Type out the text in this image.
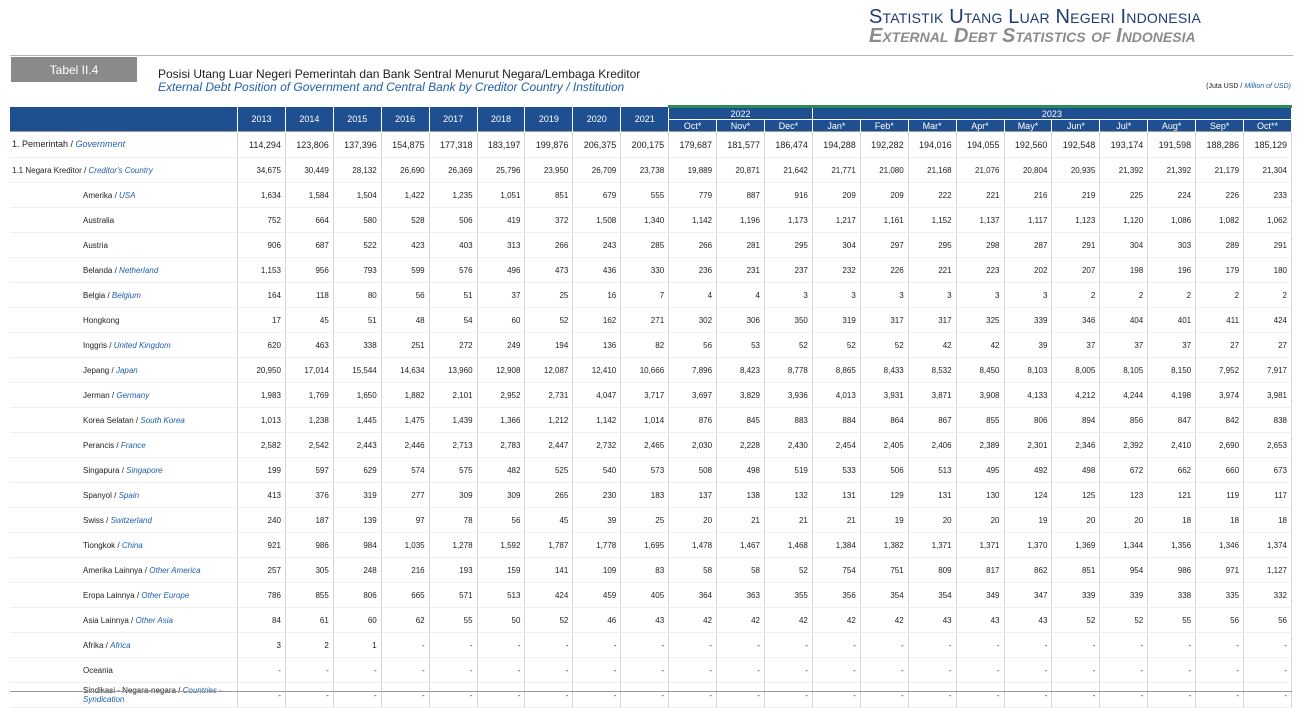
Statistik Utang Luar Negeri Indonesia
External Debt Statistics of Indonesia
Tabel II.4	Posisi Utang Luar Negeri Pemerintah dan Bank Sentral Menurut Negara/Lembaga Kreditor
External Debt Position of Government and Central Bank by Creditor Country / Institution	(Juta USD / Million of USD)
	2013	2014	2015	2016	2017	2018	2019	2020	2021	2022			2023									
										Oct*	Nov*	Dec*	Jan*	Feb*	Mar*	Apr*	May*	Jun*	Jul*	Aug*	Sep*	Oct**
1. Pemerintah / Government	114,294	123,806	137,396	154,875	177,318	183,197	199,876	206,375	200,175	179,687	181,577	186,474	194,288	192,282	194,016	194,055	192,560	192,548	193,174	191,598	188,286	185,129
1.1 Negara Kreditor / Creditor's Country	34,675	30,449	28,132	26,690	26,369	25,796	23,950	26,709	23,738	19,889	20,871	21,642	21,771	21,080	21,168	21,076	20,804	20,935	21,392	21,392	21,179	21,304
Amerika / USA	1,634	1,584	1,504	1,422	1,235	1,051	851	679	555	779	887	916	209	209	222	221	216	219	225	224	226	233
Australia	752	664	580	528	506	419	372	1,508	1,340	1,142	1,196	1,173	1,217	1,161	1,152	1,137	1,117	1,123	1,120	1,086	1,082	1,062
Austria	906	687	522	423	403	313	266	243	285	266	281	295	304	297	295	298	287	291	304	303	289	291
Belanda / Netherland	1,153	956	793	599	576	496	473	436	330	236	231	237	232	226	221	223	202	207	198	196	179	180
Belgia / Belgium	164	118	80	56	51	37	25	16	7	4	4	3	3	3	3	3	3	2	2	2	2	2
Hongkong	17	45	51	48	54	60	52	162	271	302	306	350	319	317	317	325	339	346	404	401	411	424
Inggris / United Kingdom	620	463	338	251	272	249	194	136	82	56	53	52	52	52	42	42	39	37	37	37	27	27
Jepang / Japan	20,950	17,014	15,544	14,634	13,960	12,908	12,087	12,410	10,666	7,896	8,423	8,778	8,865	8,433	8,532	8,450	8,103	8,005	8,105	8,150	7,952	7,917
Jerman / Germany	1,983	1,769	1,650	1,882	2,101	2,952	2,731	4,047	3,717	3,697	3,829	3,936	4,013	3,931	3,871	3,908	4,133	4,212	4,244	4,198	3,974	3,981
Korea Selatan / South Korea	1,013	1,238	1,445	1,475	1,439	1,366	1,212	1,142	1,014	876	845	883	884	864	867	855	806	894	856	847	842	838
Perancis / France	2,582	2,542	2,443	2,446	2,713	2,783	2,447	2,732	2,465	2,030	2,228	2,430	2,454	2,405	2,406	2,389	2,301	2,346	2,392	2,410	2,690	2,653
Singapura / Singapore	199	597	629	574	575	482	525	540	573	508	498	519	533	506	513	495	492	498	672	662	660	673
Spanyol / Spain	413	376	319	277	309	309	265	230	183	137	138	132	131	129	131	130	124	125	123	121	119	117
Swiss / Switzerland	240	187	139	97	78	56	45	39	25	20	21	21	21	19	20	20	19	20	20	18	18	18
Tiongkok / China	921	986	984	1,035	1,278	1,592	1,787	1,778	1,695	1,478	1,467	1,468	1,384	1,382	1,371	1,371	1,370	1,369	1,344	1,356	1,346	1,374
Amerika Lainnya / Other America	257	305	248	216	193	159	141	109	83	58	58	52	754	751	809	817	862	851	954	986	971	1,127
Eropa Lainnya / Other Europe	786	855	806	665	571	513	424	459	405	364	363	355	356	354	354	349	347	339	339	338	335	332
Asia Lainnya / Other Asia	84	61	60	62	55	50	52	46	43	42	42	42	42	42	43	43	43	52	52	55	56	56
Afrika / Africa	3	2	1	-	-	-	-	-	-	-	-	-	-	-	-	-	-	-	-	-	-	-
Oceania	-	-	-	-	-	-	-	-	-	-	-	-	-	-	-	-	-	-	-	-	-	-
Sindikasi - Negara-negara / Countries - Syndication	-	-	-	-	-	-	-	-	-	-	-	-	-	-	-	-	-	-	-	-	-	-
